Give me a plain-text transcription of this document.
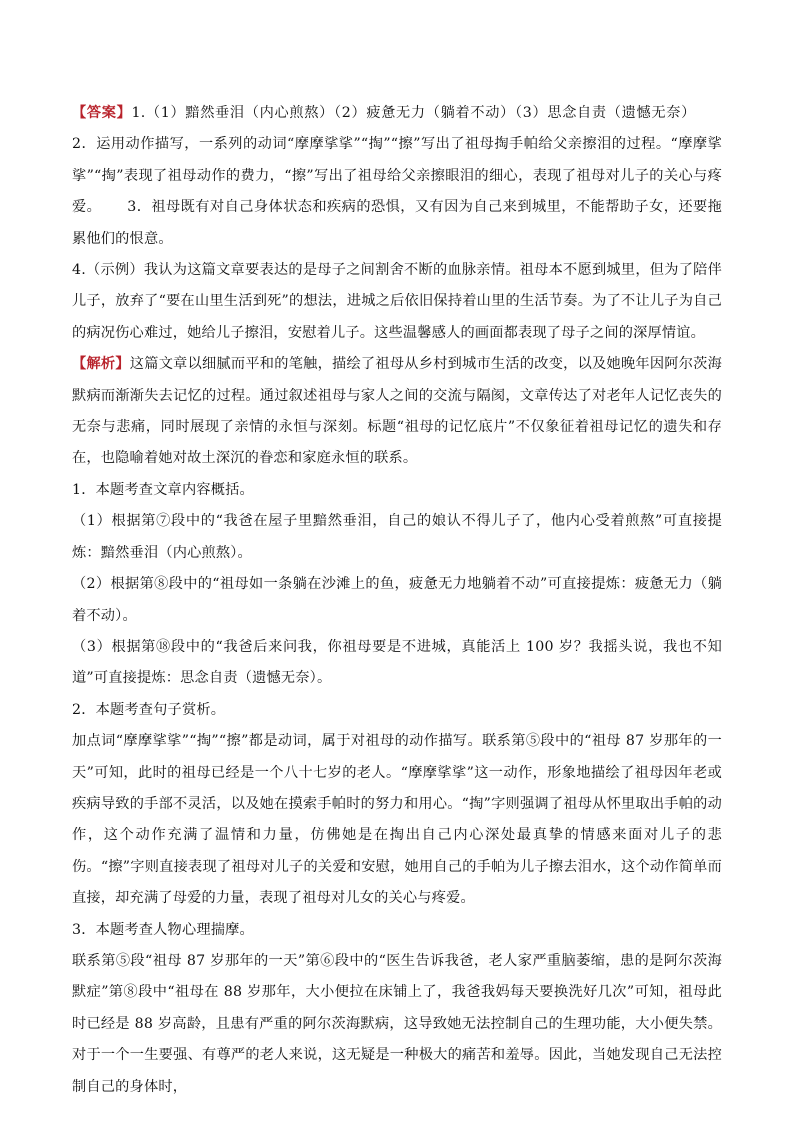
【答案】1.（1）黯然垂泪（内心煎熬）（2）疲惫无力（躺着不动）（3）思念自责（遗憾无奈）2．运用动作描写，一系列的动词“摩摩挲挲”“掏”“擦”写出了祖母掏手帕给父亲擦泪的过程。“摩摩挲挲”“掏”表现了祖母动作的费力，“擦”写出了祖母给父亲擦眼泪的细心，表现了祖母对儿子的关心与疼爱。 3．祖母既有对自己身体状态和疾病的恐惧，又有因为自己来到城里，不能帮助子女，还要拖累他们的恨意。

4.（示例）我认为这篇文章要表达的是母子之间割舍不断的血脉亲情。祖母本不愿到城里，但为了陪伴儿子，放弃了“要在山里生活到死”的想法，进城之后依旧保持着山里的生活节奏。为了不让儿子为自己的病况伤心难过，她给儿子擦泪，安慰着儿子。这些温馨感人的画面都表现了母子之间的深厚情谊。

【解析】这篇文章以细腻而平和的笔触，描绘了祖母从乡村到城市生活的改变，以及她晚年因阿尔茨海默病而渐渐失去记忆的过程。通过叙述祖母与家人之间的交流与隔阂，文章传达了对老年人记忆丧失的无奈与悲痛，同时展现了亲情的永恒与深刻。标题“祖母的记忆底片”不仅象征着祖母记忆的遗失和存在，也隐喻着她对故土深沉的眷恋和家庭永恒的联系。

1．本题考查文章内容概括。

（1）根据第⑦段中的“我爸在屋子里黯然垂泪，自己的娘认不得儿子了，他内心受着煎熬”可直接提炼：黯然垂泪（内心煎熬）。

（2）根据第⑧段中的“祖母如一条躺在沙滩上的鱼，疲惫无力地躺着不动”可直接提炼：疲惫无力（躺着不动）。

（3）根据第⑱段中的“我爸后来问我，你祖母要是不进城，真能活上 100 岁？我摇头说，我也不知道”可直接提炼：思念自责（遗憾无奈）。

2．本题考查句子赏析。

加点词“摩摩挲挲”“掏”“擦”都是动词，属于对祖母的动作描写。联系第⑤段中的“祖母 87 岁那年的一天”可知，此时的祖母已经是一个八十七岁的老人。“摩摩挲挲”这一动作，形象地描绘了祖母因年老或疾病导致的手部不灵活，以及她在摸索手帕时的努力和用心。“掏”字则强调了祖母从怀里取出手帕的动作，这个动作充满了温情和力量，仿佛她是在掏出自己内心深处最真挚的情感来面对儿子的悲伤。“擦”字则直接表现了祖母对儿子的关爱和安慰，她用自己的手帕为儿子擦去泪水，这个动作简单而直接，却充满了母爱的力量，表现了祖母对儿女的关心与疼爱。

3．本题考查人物心理揣摩。

联系第⑤段“祖母 87 岁那年的一天”第⑥段中的“医生告诉我爸，老人家严重脑萎缩，患的是阿尔茨海默症”第⑧段中“祖母在 88 岁那年，大小便拉在床铺上了，我爸我妈每天要换洗好几次”可知，祖母此时已经是 88 岁高龄，且患有严重的阿尔茨海默病，这导致她无法控制自己的生理功能，大小便失禁。对于一个一生要强、有尊严的老人来说，这无疑是一种极大的痛苦和羞辱。因此，当她发现自己无法控制自己的身体时，
